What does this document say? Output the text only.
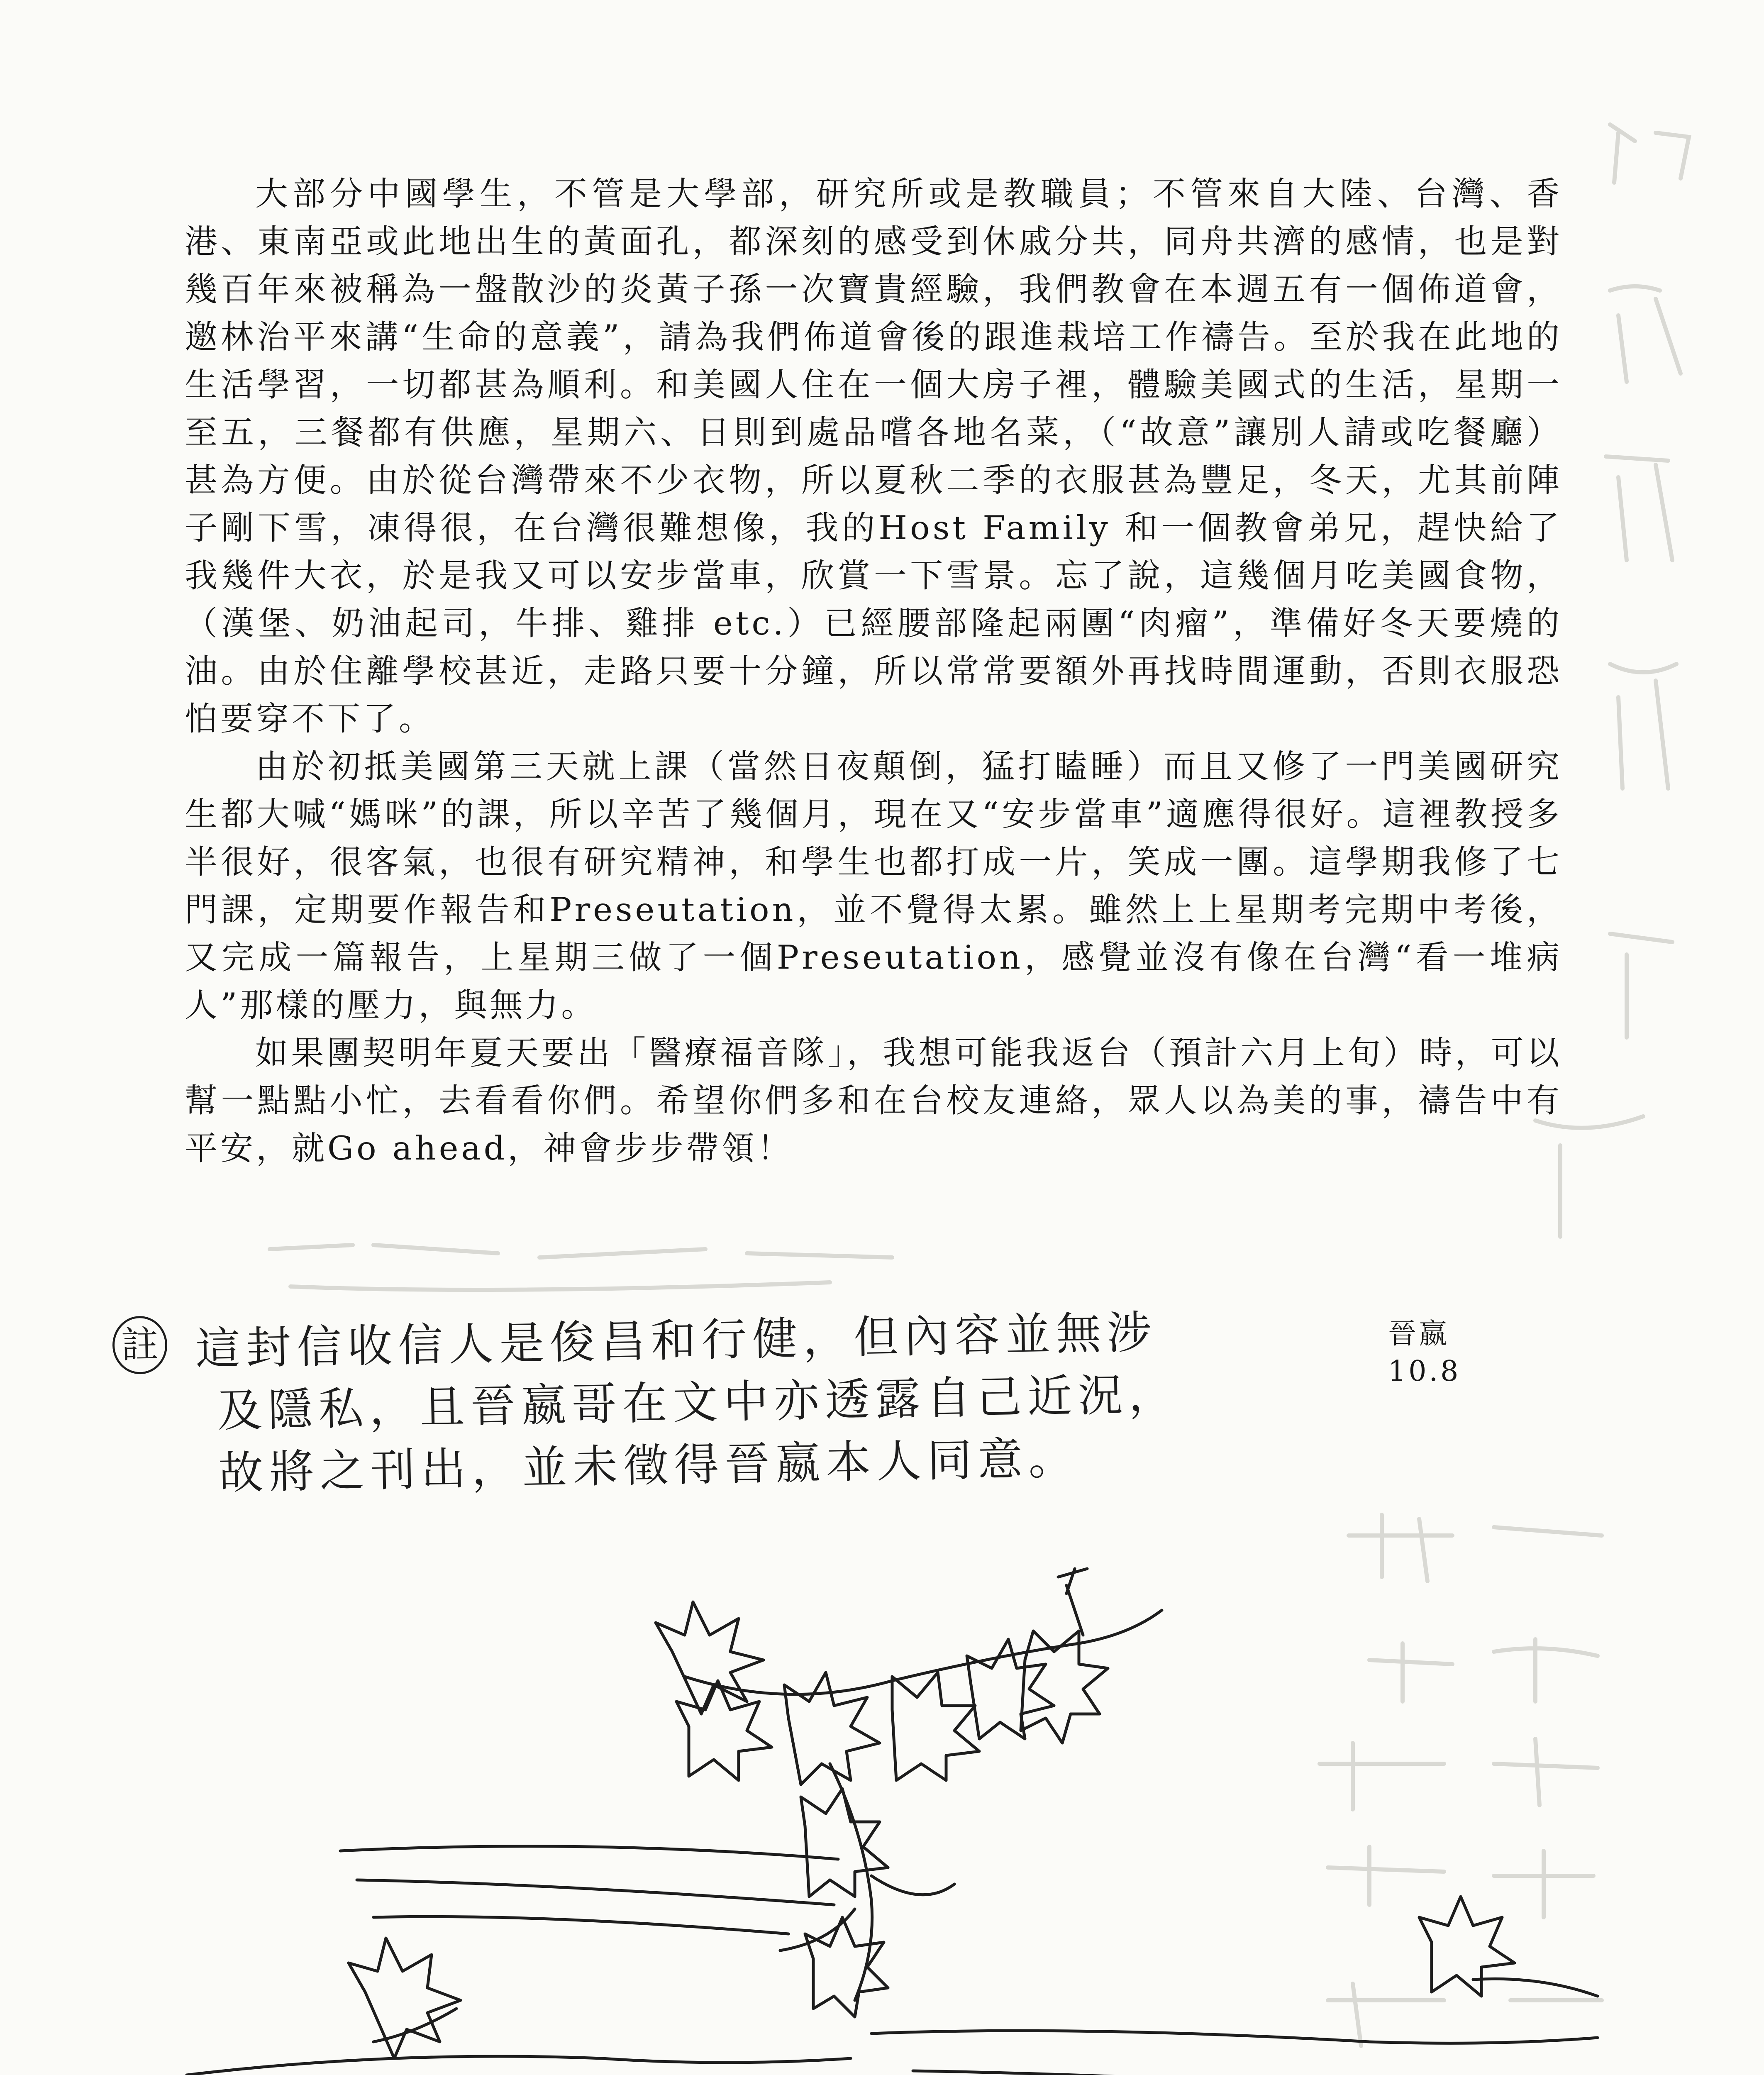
大部分中國學生，不管是大學部，研究所或是教職員；不管來自大陸、台灣、香港、東南亞或此地出生的黃面孔，都深刻的感受到休戚分共，同舟共濟的感情，也是對幾百年來被稱為一盤散沙的炎黃子孫一次寶貴經驗，我們教會在本週五有一個佈道會，邀林治平來講“生命的意義”，請為我們佈道會後的跟進栽培工作禱告。至於我在此地的生活學習，一切都甚為順利。和美國人住在一個大房子裡，體驗美國式的生活，星期一至五，三餐都有供應，星期六、日則到處品嚐各地名菜，（“故意”讓別人請或吃餐廳）甚為方便。由於從台灣帶來不少衣物，所以夏秋二季的衣服甚為豐足，冬天，尤其前陣子剛下雪，凍得很，在台灣很難想像，我的Host Family 和一個教會弟兄，趕快給了我幾件大衣，於是我又可以安步當車，欣賞一下雪景。忘了說，這幾個月吃美國食物，（漢堡、奶油起司，牛排、雞排 etc.）已經腰部隆起兩團“肉瘤”，準備好冬天要燒的油。由於住離學校甚近，走路只要十分鐘，所以常常要額外再找時間運動，否則衣服恐怕要穿不下了。

由於初抵美國第三天就上課（當然日夜顛倒，猛打瞌睡）而且又修了一門美國研究生都大喊“媽咪”的課，所以辛苦了幾個月，現在又“安步當車”適應得很好。這裡教授多半很好，很客氣，也很有研究精神，和學生也都打成一片，笑成一團。這學期我修了七門課，定期要作報告和Preseutation，並不覺得太累。雖然上上星期考完期中考後，又完成一篇報告，上星期三做了一個Preseutation，感覺並沒有像在台灣“看一堆病人”那樣的壓力，與無力。

如果團契明年夏天要出「醫療福音隊」，我想可能我返台（預計六月上旬）時，可以幫一點點小忙，去看看你們。希望你們多和在台校友連絡，眾人以為美的事，禱告中有平安，就Go ahead，神會步步帶領！

晉嬴
10.8
註 這封信收信人是俊昌和行健，但內容並無涉
及隱私，且晉嬴哥在文中亦透露自己近況，
故將之刊出，並未徵得晉嬴本人同意。
